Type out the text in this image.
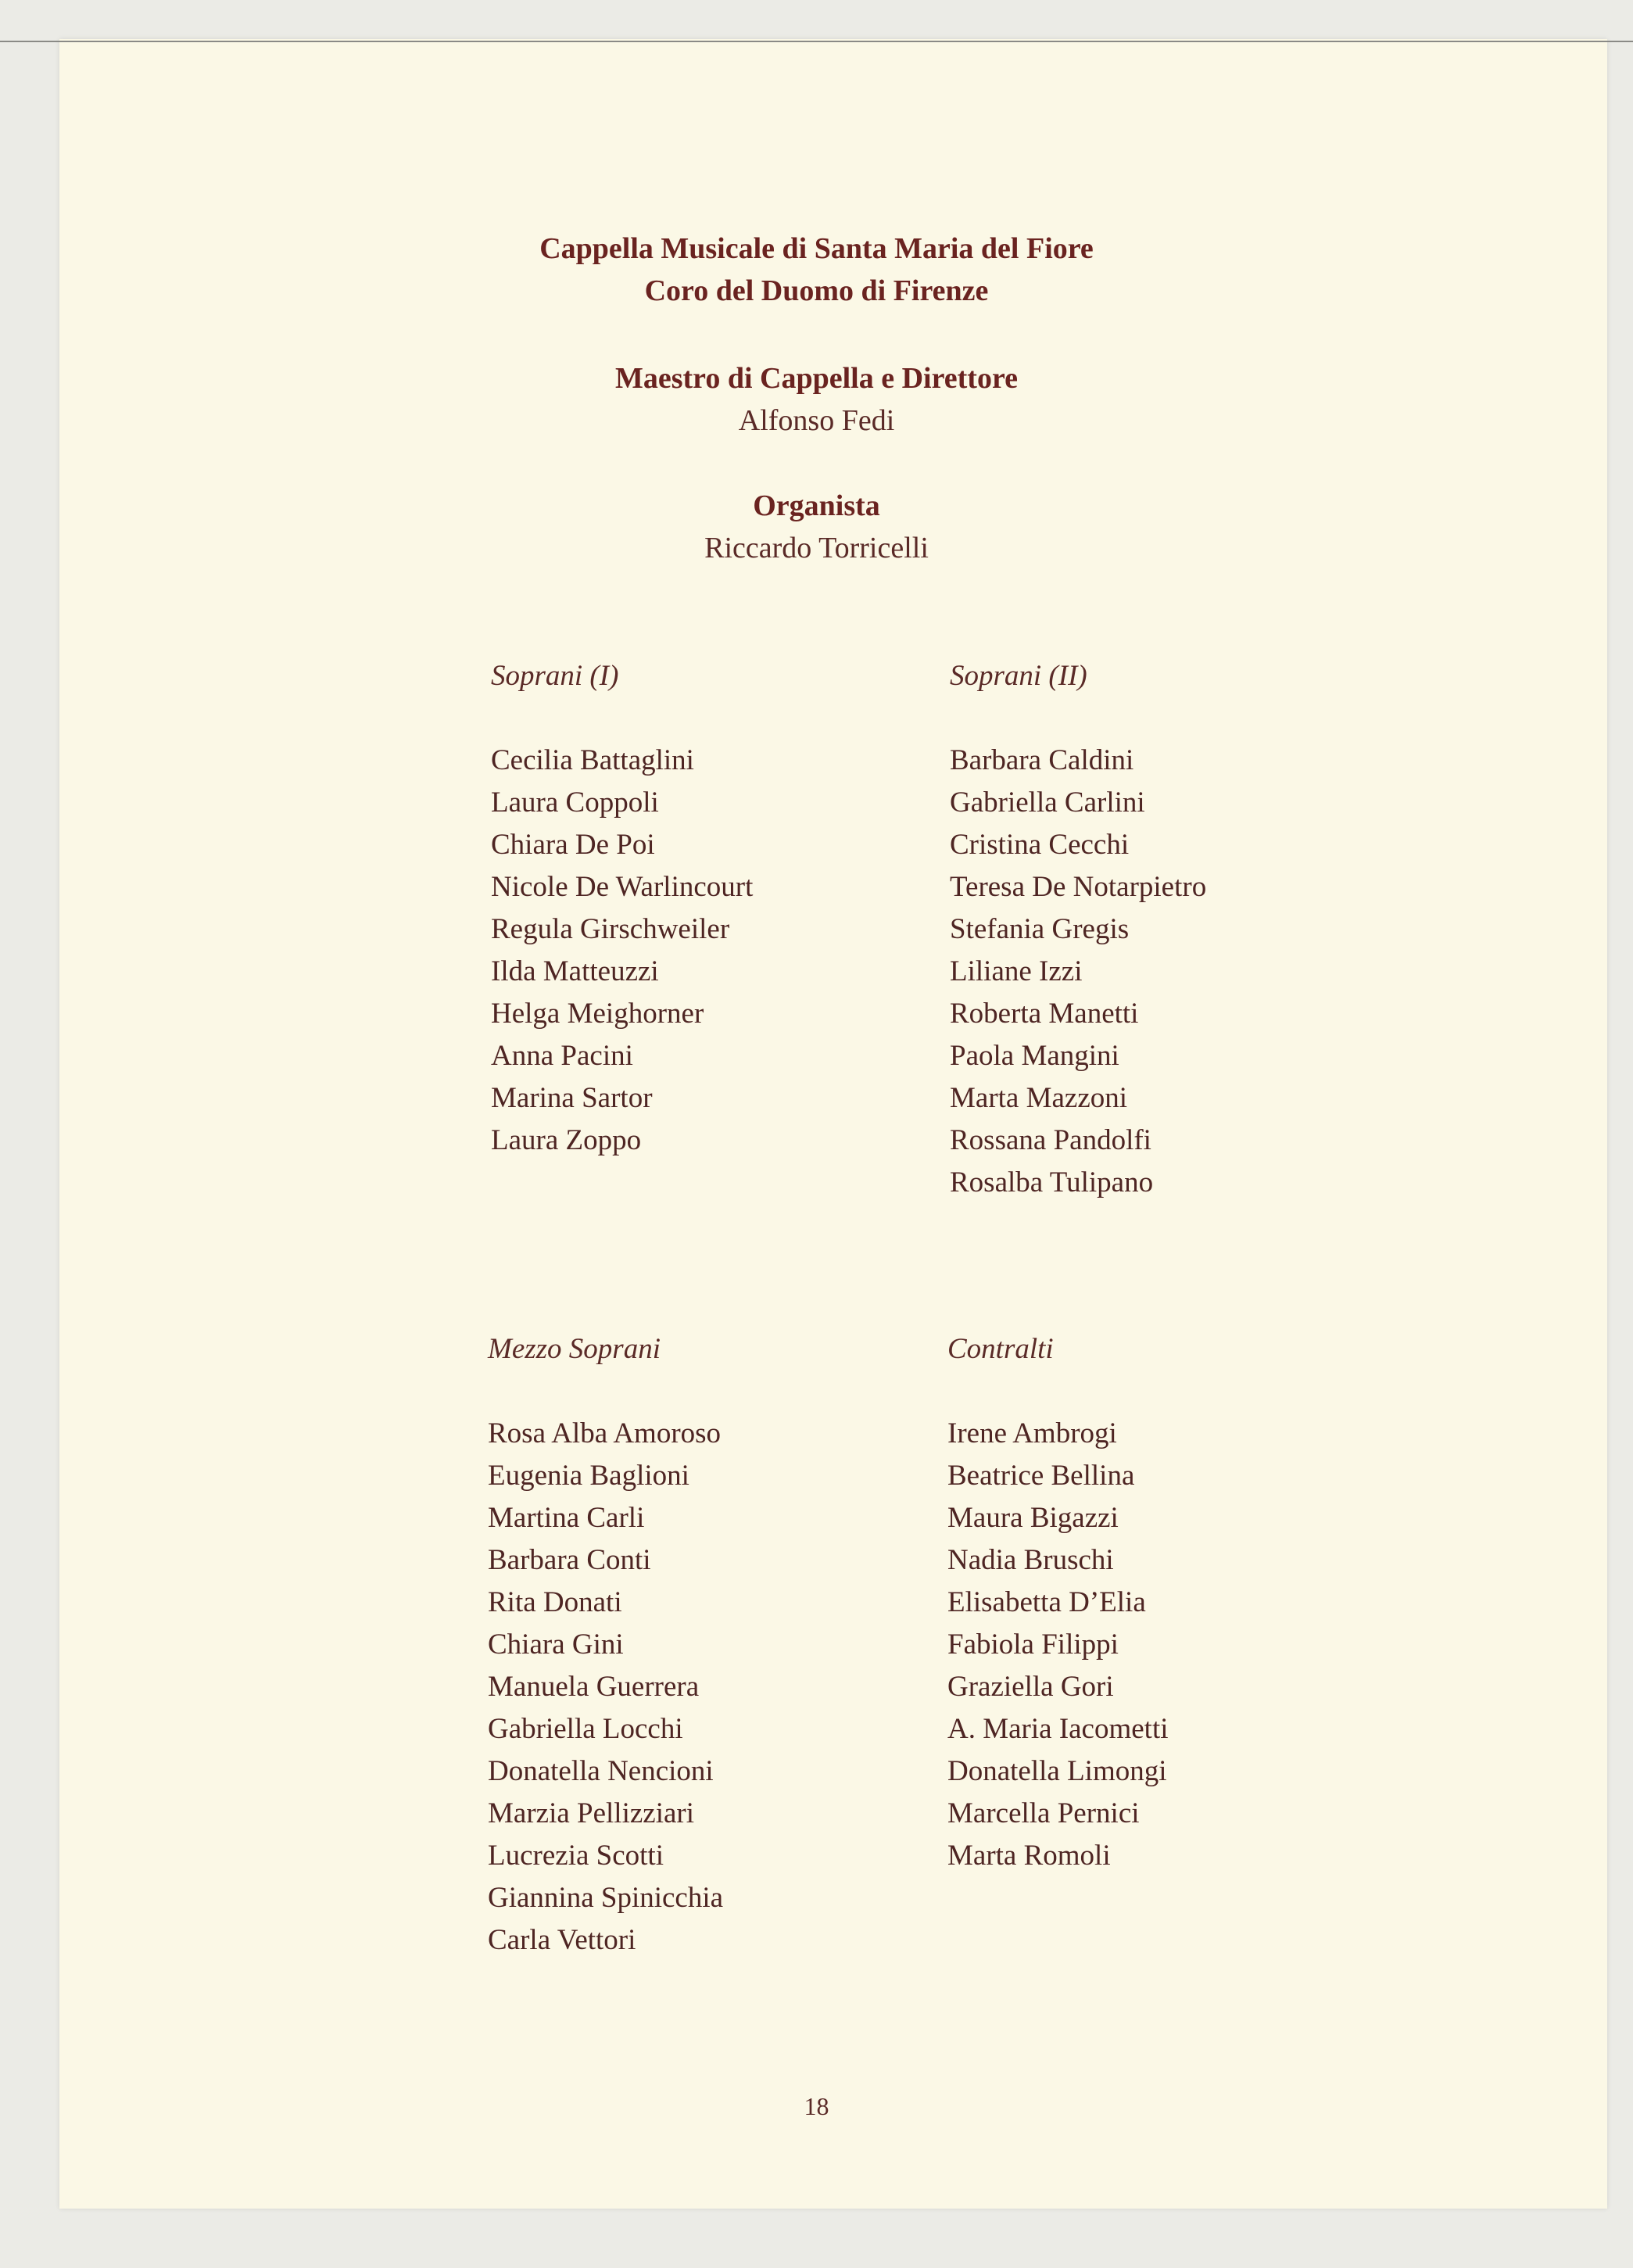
Cappella Musicale di Santa Maria del Fiore
Coro del Duomo di Firenze
Maestro di Cappella e Direttore
Alfonso Fedi
Organista
Riccardo Torricelli
Soprani (I)
Cecilia Battaglini
Laura Coppoli
Chiara De Poi
Nicole De Warlincourt
Regula Girschweiler
Ilda Matteuzzi
Helga Meighorner
Anna Pacini
Marina Sartor
Laura Zoppo
Soprani (II)
Barbara Caldini
Gabriella Carlini
Cristina Cecchi
Teresa De Notarpietro
Stefania Gregis
Liliane Izzi
Roberta Manetti
Paola Mangini
Marta Mazzoni
Rossana Pandolfi
Rosalba Tulipano
Mezzo Soprani
Rosa Alba Amoroso
Eugenia Baglioni
Martina Carli
Barbara Conti
Rita Donati
Chiara Gini
Manuela Guerrera
Gabriella Locchi
Donatella Nencioni
Marzia Pellizziari
Lucrezia Scotti
Giannina Spinicchia
Carla Vettori
Contralti
Irene Ambrogi
Beatrice Bellina
Maura Bigazzi
Nadia Bruschi
Elisabetta D’Elia
Fabiola Filippi
Graziella Gori
A. Maria Iacometti
Donatella Limongi
Marcella Pernici
Marta Romoli
18
